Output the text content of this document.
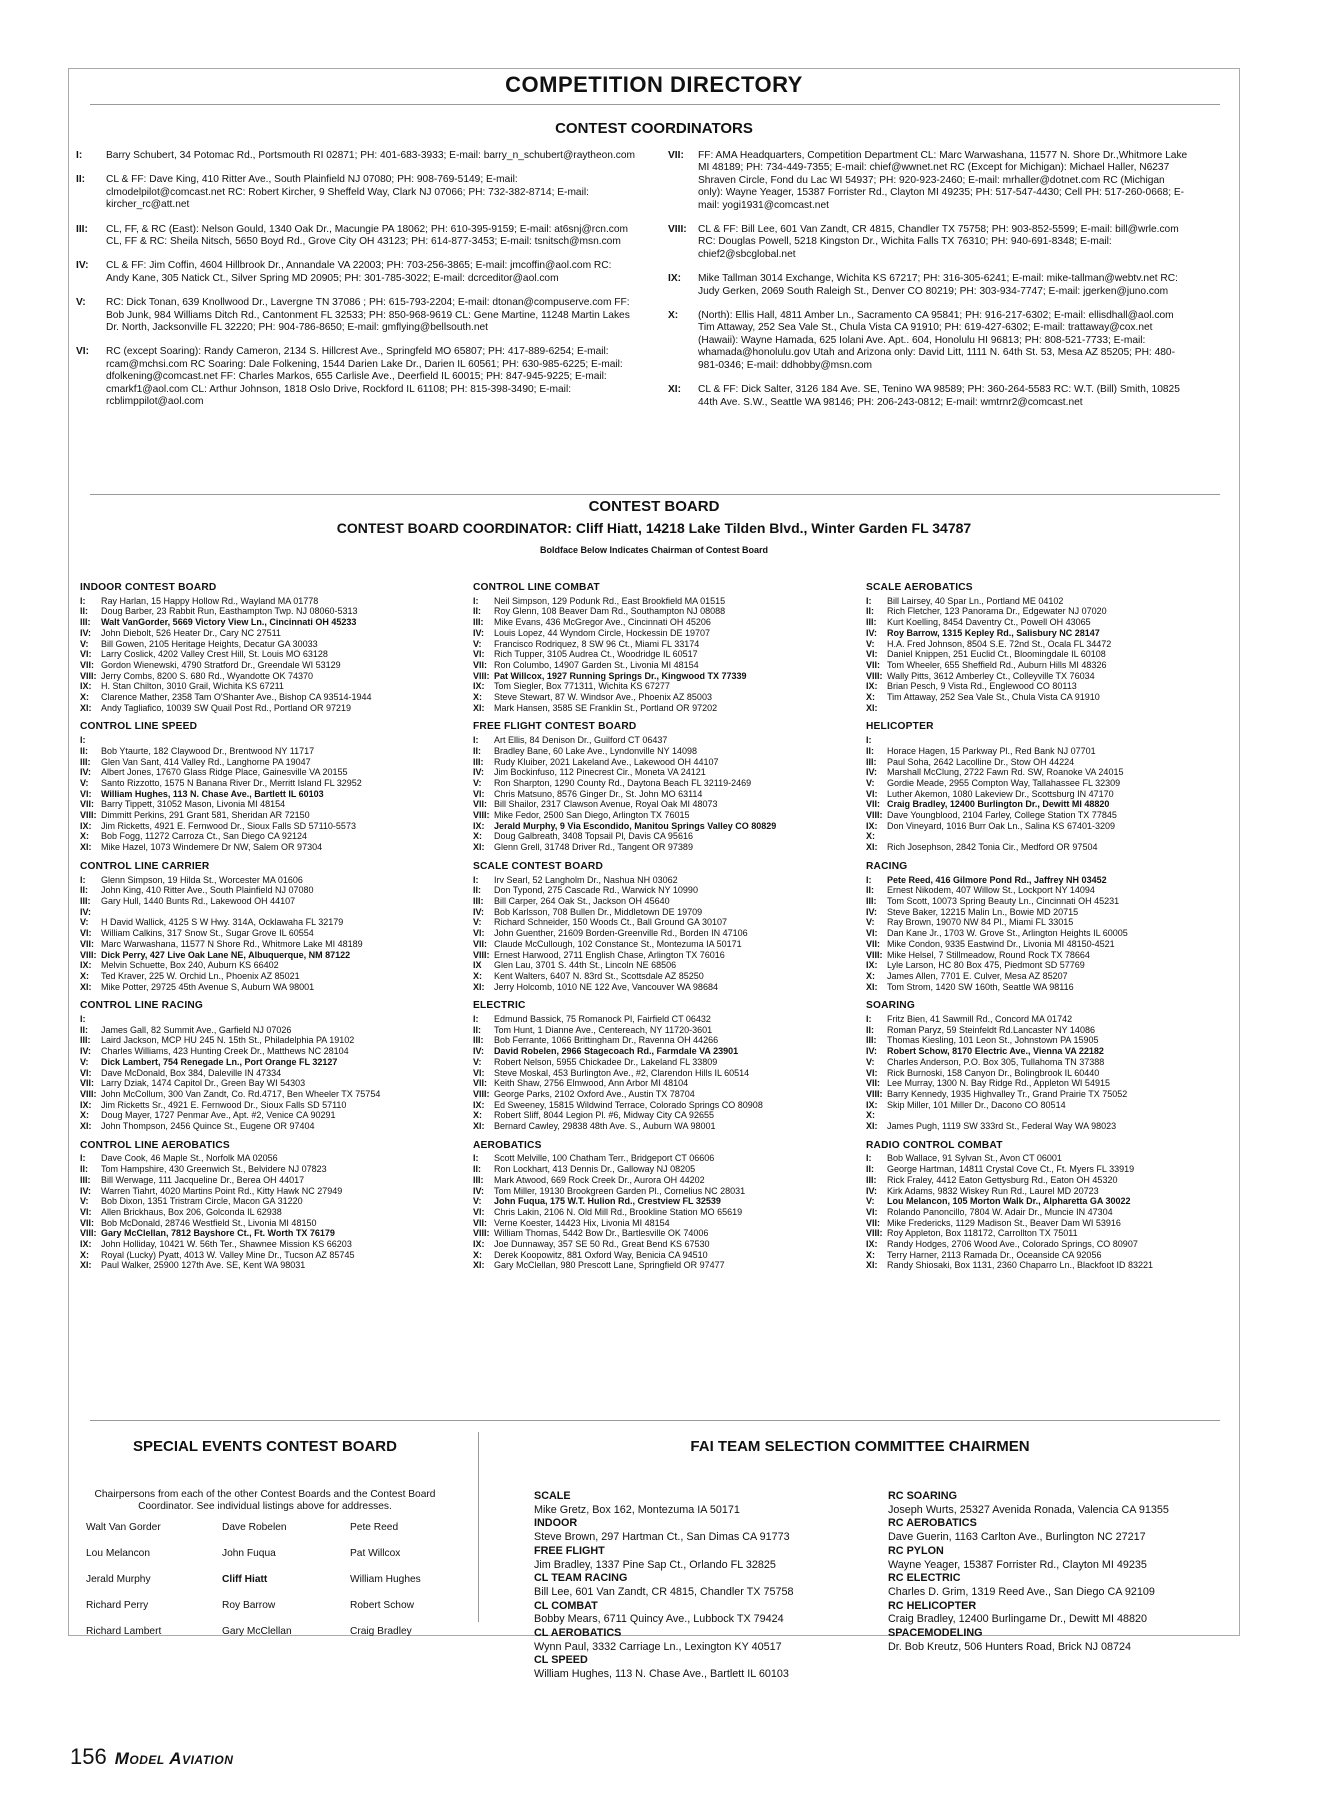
COMPETITION DIRECTORY
CONTEST COORDINATORS
I:	Barry Schubert, 34 Potomac Rd., Portsmouth RI 02871; PH: 401-683-3933; E-mail: barry_n_schubert@raytheon.com
II:	CL & FF: Dave King, 410 Ritter Ave., South Plainfield NJ 07080; PH: 908-769-5149; E-mail: clmodelpilot@comcast.net RC: Robert Kircher, 9 Sheffeld Way, Clark NJ 07066; PH: 732-382-8714; E-mail: kircher_rc@att.net
III:	CL, FF, & RC (East): Nelson Gould, 1340 Oak Dr., Macungie PA 18062; PH: 610-395-9159; E-mail: at6snj@rcn.com CL, FF & RC: Sheila Nitsch, 5650 Boyd Rd., Grove City OH 43123; PH: 614-877-3453; E-mail: tsnitsch@msn.com
IV:	CL & FF: Jim Coffin, 4604 Hillbrook Dr., Annandale VA 22003; PH: 703-256-3865; E-mail: jmcoffin@aol.com RC: Andy Kane, 305 Natick Ct., Silver Spring MD 20905; PH: 301-785-3022; E-mail: dcrceditor@aol.com
V:	RC: Dick Tonan, 639 Knollwood Dr., Lavergne TN 37086 ; PH: 615-793-2204; E-mail: dtonan@compuserve.com FF: Bob Junk, 984 Williams Ditch Rd., Cantonment FL 32533; PH: 850-968-9619 CL: Gene Martine, 11248 Martin Lakes Dr. North, Jacksonville FL 32220; PH: 904-786-8650; E-mail: gmflying@bellsouth.net
VI:	RC (except Soaring): Randy Cameron, 2134 S. Hillcrest Ave., Springfeld MO 65807; PH: 417-889-6254; E-mail: rcam@mchsi.com RC Soaring: Dale Folkening, 1544 Darien Lake Dr., Darien IL 60561; PH: 630-985-6225; E-mail: dfolkening@comcast.net FF: Charles Markos, 655 Carlisle Ave., Deerfield IL 60015; PH: 847-945-9225; E-mail: cmarkf1@aol.com CL: Arthur Johnson, 1818 Oslo Drive, Rockford IL 61108; PH: 815-398-3490; E-mail: rcblimppilot@aol.com
VII:	FF: AMA Headquarters, Competition Department CL: Marc Warwashana, 11577 N. Shore Dr.,Whitmore Lake MI 48189; PH: 734-449-7355; E-mail: chief@wwnet.net RC (Except for Michigan): Michael Haller, N6237 Shraven Circle, Fond du Lac WI 54937; PH: 920-923-2460; E-mail: mrhaller@dotnet.com RC (Michigan only): Wayne Yeager, 15387 Forrister Rd., Clayton MI 49235; PH: 517-547-4430; Cell PH: 517-260-0668; E-mail: yogi1931@comcast.net
VIII:	CL & FF: Bill Lee, 601 Van Zandt, CR 4815, Chandler TX 75758; PH: 903-852-5599; E-mail: bill@wrle.com RC: Douglas Powell, 5218 Kingston Dr., Wichita Falls TX 76310; PH: 940-691-8348; E-mail: chief2@sbcglobal.net
IX:	Mike Tallman 3014 Exchange, Wichita KS 67217; PH: 316-305-6241; E-mail: mike-tallman@webtv.net RC: Judy Gerken, 2069 South Raleigh St., Denver CO 80219; PH: 303-934-7747; E-mail: jgerken@juno.com
X:	(North): Ellis Hall, 4811 Amber Ln., Sacramento CA 95841; PH: 916-217-6302; E-mail: ellisdhall@aol.com Tim Attaway, 252 Sea Vale St., Chula Vista CA 91910; PH: 619-427-6302; E-mail: trattaway@cox.net (Hawaii): Wayne Hamada, 625 Iolani Ave. Apt.. 604, Honolulu HI 96813; PH: 808-521-7733; E-mail: whamada@honolulu.gov Utah and Arizona only: David Litt, 1111 N. 64th St. 53, Mesa AZ 85205; PH: 480-981-0346; E-mail: ddhobby@msn.com
XI:	CL & FF: Dick Salter, 3126 184 Ave. SE, Tenino WA 98589; PH: 360-264-5583 RC: W.T. (Bill) Smith, 10825 44th Ave. S.W., Seattle WA 98146; PH: 206-243-0812; E-mail: wmtrnr2@comcast.net
CONTEST BOARD
CONTEST BOARD COORDINATOR: Cliff Hiatt, 14218 Lake Tilden Blvd., Winter Garden FL 34787
Boldface Below Indicates Chairman of Contest Board
INDOOR CONTEST BOARD
I:	Ray Harlan, 15 Happy Hollow Rd., Wayland MA 01778
II:	Doug Barber, 23 Rabbit Run, Easthampton Twp. NJ 08060-5313
III:	Walt VanGorder, 5669 Victory View Ln., Cincinnati OH 45233
IV:	John Diebolt, 526 Heater Dr., Cary NC 27511
V:	Bill Gowen, 2105 Heritage Heights, Decatur GA 30033
VI:	Larry Coslick, 4202 Valley Crest Hill, St. Louis MO 63128
VII: Gordon Wienewski, 4790 Stratford Dr., Greendale WI 53129
VIII: Jerry Combs, 8200 S. 680 Rd., Wyandotte OK 74370
IX:	H. Stan Chilton, 3010 Grail, Wichita KS 67211
X:	Clarence Mather, 2358 Tam O'Shanter Ave., Bishop CA 93514-1944
XI:	Andy Tagliafico, 10039 SW Quail Post Rd., Portland OR 97219
CONTROL LINE SPEED
I:
II:	Bob Ytaurte, 182 Claywood Dr., Brentwood NY 11717
III:	Glen Van Sant, 414 Valley Rd., Langhorne PA 19047
IV:	Albert Jones, 17670 Glass Ridge Place, Gainesville VA 20155
V:	Santo Rizzotto, 1575 N Banana River Dr., Merritt Island FL 32952
VI:	William Hughes, 113 N. Chase Ave., Bartlett IL 60103
VII: Barry Tippett, 31052 Mason, Livonia MI 48154
VIII: Dimmitt Perkins, 291 Grant 581, Sheridan AR 72150
IX:	Jim Ricketts, 4921 E. Fernwood Dr., Sioux Falls SD 57110-5573
X:	Bob Fogg, 11272 Carroza Ct., San Diego CA 92124
XI:	Mike Hazel, 1073 Windemere Dr NW, Salem OR 97304
CONTROL LINE CARRIER
I:	Glenn Simpson, 19 Hilda St., Worcester MA 01606
II:	John King, 410 Ritter Ave., South Plainfield NJ 07080
III:	Gary Hull, 1440 Bunts Rd., Lakewood OH 44107
IV:
V:	H David Wallick, 4125 S W Hwy. 314A, Ocklawaha FL 32179
VI:	William Calkins, 317 Snow St., Sugar Grove IL 60554
VII: Marc Warwashana, 11577 N Shore Rd., Whitmore Lake MI 48189
VIII: Dick Perry, 427 Live Oak Lane NE, Albuquerque, NM 87122
IX:	Melvin Schuette, Box 240, Auburn KS 66402
X:	Ted Kraver, 225 W. Orchid Ln., Phoenix AZ 85021
XI:	Mike Potter, 29725 45th Avenue S, Auburn WA 98001
CONTROL LINE RACING
I:
II:	James Gall, 82 Summit Ave., Garfield NJ 07026
III:	Laird Jackson, MCP HU 245 N. 15th St., Philadelphia PA 19102
IV:	Charles Williams, 423 Hunting Creek Dr., Matthews NC 28104
V:	Dick Lambert, 754 Renegade Ln., Port Orange FL 32127
VI:	Dave McDonald, Box 384, Daleville IN 47334
VII: Larry Dziak, 1474 Capitol Dr., Green Bay WI 54303
VIII: John McCollum, 300 Van Zandt, Co. Rd.4717, Ben Wheeler TX 75754
IX:	Jim Ricketts Sr., 4921 E. Fernwood Dr., Sioux Falls SD 57110
X:	Doug Mayer, 1727 Penmar Ave., Apt. #2, Venice CA 90291
XI:	John Thompson, 2456 Quince St., Eugene OR 97404
CONTROL LINE AEROBATICS
I:	Dave Cook, 46 Maple St., Norfolk MA 02056
II:	Tom Hampshire, 430 Greenwich St., Belvidere NJ 07823
III:	Bill Werwage, 111 Jacqueline Dr., Berea OH 44017
IV:	Warren Tiahrt, 4020 Martins Point Rd., Kitty Hawk NC 27949
V:	Bob Dixon, 1351 Tristram Circle, Macon GA 31220
VI:	Allen Brickhaus, Box 206, Golconda IL 62938
VII: Bob McDonald, 28746 Westfield St., Livonia MI 48150
VIII: Gary McClellan, 7812 Bayshore Ct., Ft. Worth TX 76179
IX:	John Holliday, 10421 W. 56th Ter., Shawnee Mission KS 66203
X:	Royal (Lucky) Pyatt, 4013 W. Valley Mine Dr., Tucson AZ 85745
XI:	Paul Walker, 25900 127th Ave. SE, Kent WA 98031
CONTROL LINE COMBAT
I:	Neil Simpson, 129 Podunk Rd., East Brookfield MA 01515
II:	Roy Glenn, 108 Beaver Dam Rd., Southampton NJ 08088
III:	Mike Evans, 436 McGregor Ave., Cincinnati OH 45206
IV:	Louis Lopez, 44 Wyndom Circle, Hockessin DE 19707
V:	Francisco Rodriquez, 8 SW 96 Ct., Miami FL 33174
VI:	Rich Tupper, 3105 Audrea Ct., Woodridge IL 60517
VII: Ron Columbo, 14907 Garden St., Livonia MI 48154
VIII: Pat Willcox, 1927 Running Springs Dr., Kingwood TX 77339
IX:	Tom Siegler, Box 771311, Wichita KS 67277
X:	Steve Stewart, 87 W. Windsor Ave., Phoenix AZ 85003
XI:	Mark Hansen, 3585 SE Franklin St., Portland OR 97202
FREE FLIGHT CONTEST BOARD
I:	Art Ellis, 84 Denison Dr., Guilford CT 06437
II:	Bradley Bane, 60 Lake Ave., Lyndonville NY 14098
III:	Rudy Kluiber, 2021 Lakeland Ave., Lakewood OH 44107
IV:	Jim Bockinfuso, 112 Pinecrest Cir., Moneta VA 24121
V:	Ron Sharpton, 1290 County Rd., Daytona Beach FL 32119-2469
VI:	Chris Matsuno, 8576 Ginger Dr., St. John MO 63114
VII: Bill Shailor, 2317 Clawson Avenue, Royal Oak MI 48073
VIII: Mike Fedor, 2500 San Diego, Arlington TX 76015
IX:	Jerald Murphy, 9 Via Escondido, Manitou Springs Valley CO 80829
X:	Doug Galbreath, 3408 Topsail Pl, Davis CA 95616
XI:	Glenn Grell, 31748 Driver Rd., Tangent OR 97389
SCALE CONTEST BOARD
I:	Irv Searl, 52 Langholm Dr., Nashua NH 03062
II:	Don Typond, 275 Cascade Rd., Warwick NY 10990
III:	Bill Carper, 264 Oak St., Jackson OH 45640
IV:	Bob Karlsson, 708 Bullen Dr., Middletown DE 19709
V:	Richard Schneider, 150 Woods Ct., Ball Ground GA 30107
VI:	John Guenther, 21609 Borden-Greenville Rd., Borden IN 47106
VII: Claude McCullough, 102 Constance St., Montezuma IA 50171
VIII: Ernest Harwood, 2711 English Chase, Arlington TX 76016
IX	Glen Lau, 3701 S. 44th St., Lincoln NE 68506
X:	Kent Walters, 6407 N. 83rd St., Scottsdale AZ 85250
XI:	Jerry Holcomb, 1010 NE 122 Ave, Vancouver WA 98684
ELECTRIC
I:	Edmund Bassick, 75 Romanock Pl, Fairfield CT 06432
II:	Tom Hunt, 1 Dianne Ave., Centereach, NY 11720-3601
III:	Bob Ferrante, 1066 Brittingham Dr., Ravenna OH 44266
IV:	David Robelen, 2966 Stagecoach Rd., Farmdale VA 23901
V:	Robert Nelson, 5955 Chickadee Dr., Lakeland FL 33809
VI:	Steve Moskal, 453 Burlington Ave., #2, Clarendon Hills IL 60514
VII: Keith Shaw, 2756 Elmwood, Ann Arbor MI 48104
VIII: George Parks, 2102 Oxford Ave., Austin TX 78704
IX:	Ed Sweeney, 15815 Wildwind Terrace, Colorado Springs CO 80908
X:	Robert Sliff, 8044 Legion Pl. #6, Midway City CA 92655
XI:	Bernard Cawley, 29838 48th Ave. S., Auburn WA 98001
AEROBATICS
I:	Scott Melville, 100 Chatham Terr., Bridgeport CT 06606
II:	Ron Lockhart, 413 Dennis Dr., Galloway NJ 08205
III:	Mark Atwood, 669 Rock Creek Dr., Aurora OH 44202
IV:	Tom Miller, 19130 Brookgreen Garden Pl., Cornelius NC 28031
V:	John Fuqua, 175 W.T. Hulion Rd., Crestview FL 32539
VI:	Chris Lakin, 2106 N. Old Mill Rd., Brookline Station MO 65619
VII: Verne Koester, 14423 Hix, Livonia MI 48154
VIII: William Thomas, 5442 Bow Dr., Bartlesville OK 74006
IX:	Joe Dunnaway, 357 SE 50 Rd., Great Bend KS 67530
X:	Derek Koopowitz, 881 Oxford Way, Benicia CA 94510
XI:	Gary McClellan, 980 Prescott Lane, Springfield OR 97477
SCALE AEROBATICS
I:	Bill Lairsey, 40 Spar Ln., Portland ME 04102
II:	Rich Fletcher, 123 Panorama Dr., Edgewater NJ 07020
III:	Kurt Koelling, 8454 Daventry Ct., Powell OH 43065
IV:	Roy Barrow, 1315 Kepley Rd., Salisbury NC 28147
V:	H.A. Fred Johnson, 8504 S.E. 72nd St., Ocala FL 34472
VI:	Daniel Knippen, 251 Euclid Ct., Bloomingdale IL 60108
VII: Tom Wheeler, 655 Sheffield Rd., Auburn Hills MI 48326
VIII: Wally Pitts, 3612 Amberley Ct., Colleyville TX 76034
IX:	Brian Pesch, 9 Vista Rd., Englewood CO 80113
X:	Tim Attaway, 252 Sea Vale St., Chula Vista CA 91910
XI:
HELICOPTER
I:
II:	Horace Hagen, 15 Parkway Pl., Red Bank NJ 07701
III:	Paul Soha, 2642 Lacolline Dr., Stow OH 44224
IV:	Marshall McClung, 2722 Fawn Rd. SW, Roanoke VA 24015
V:	Gordie Meade, 2955 Compton Way, Tallahassee FL 32309
VI:	Luther Akemon, 1080 Lakeview Dr., Scottsburg IN 47170
VII: Craig Bradley, 12400 Burlington Dr., Dewitt MI 48820
VIII: Dave Youngblood, 2104 Farley, College Station TX 77845
IX:	Don Vineyard, 1016 Burr Oak Ln., Salina KS 67401-3209
X:
XI:	Rich Josephson, 2842 Tonia Cir., Medford OR 97504
RACING
I:	Pete Reed, 416 Gilmore Pond Rd., Jaffrey NH 03452
II:	Ernest Nikodem, 407 Willow St., Lockport NY 14094
III:	Tom Scott, 10073 Spring Beauty Ln., Cincinnati OH 45231
IV:	Steve Baker, 12215 Malin Ln., Bowie MD 20715
V:	Ray Brown, 19070 NW 84 Pl., Miami FL 33015
VI:	Dan Kane Jr., 1703 W. Grove St., Arlington Heights IL 60005
VII: Mike Condon, 9335 Eastwind Dr., Livonia MI 48150-4521
VIII: Mike Helsel, 7 Stillmeadow, Round Rock TX 78664
IX:	Lyle Larson, HC 80 Box 475, Piedmont SD 57769
X:	James Allen, 7701 E. Culver, Mesa AZ 85207
XI:	Tom Strom, 1420 SW 160th, Seattle WA 98116
SOARING
I:	Fritz Bien, 41 Sawmill Rd., Concord MA 01742
II:	Roman Paryz, 59 Steinfeldt Rd.Lancaster NY 14086
III:	Thomas Kiesling, 101 Leon St., Johnstown PA 15905
IV:	Robert Schow, 8170 Electric Ave., Vienna VA 22182
V:	Charles Anderson, P.O. Box 305, Tullahoma TN 37388
VI:	Rick Burnoski, 158 Canyon Dr., Bolingbrook IL 60440
VII: Lee Murray, 1300 N. Bay Ridge Rd., Appleton WI 54915
VIII: Barry Kennedy, 1935 Highvalley Tr., Grand Prairie TX 75052
IX:	Skip Miller, 101 Miller Dr., Dacono CO 80514
X:
XI:	James Pugh, 1119 SW 333rd St., Federal Way WA 98023
RADIO CONTROL COMBAT
I:	Bob Wallace, 91 Sylvan St., Avon CT 06001
II:	George Hartman, 14811 Crystal Cove Ct., Ft. Myers FL 33919
III:	Rick Fraley, 4412 Eaton Gettysburg Rd., Eaton OH 45320
IV:	Kirk Adams, 9832 Wiskey Run Rd., Laurel MD 20723
V:	Lou Melancon, 105 Morton Walk Dr., Alpharetta GA 30022
VI:	Rolando Panoncillo, 7804 W. Adair Dr., Muncie IN 47304
VII: Mike Fredericks, 1129 Madison St., Beaver Dam WI 53916
VIII: Roy Appleton, Box 118172, Carrollton TX 75011
IX:	Randy Hodges, 2706 Wood Ave., Colorado Springs, CO 80907
X:	Terry Harner, 2113 Ramada Dr., Oceanside CA 92056
XI:	Randy Shiosaki, Box 1131, 2360 Chaparro Ln., Blackfoot ID 83221
SPECIAL EVENTS CONTEST BOARD
Chairpersons from each of the other Contest Boards and the Contest Board Coordinator. See individual listings above for addresses.
Walt Van Gorder	Dave Robelen	Pete Reed
Lou Melancon	John Fuqua	Pat Willcox
Jerald Murphy	Cliff Hiatt	William Hughes
Richard Perry	Roy Barrow	Robert Schow
Richard Lambert	Gary McClellan	Craig Bradley
FAI TEAM SELECTION COMMITTEE CHAIRMEN
SCALE
Mike Gretz, Box 162, Montezuma IA 50171
INDOOR
Steve Brown, 297 Hartman Ct., San Dimas CA 91773
FREE FLIGHT
Jim Bradley, 1337 Pine Sap Ct., Orlando FL 32825
CL TEAM RACING
Bill Lee, 601 Van Zandt, CR 4815, Chandler TX 75758
CL COMBAT
Bobby Mears, 6711 Quincy Ave., Lubbock TX 79424
CL AEROBATICS
Wynn Paul, 3332 Carriage Ln., Lexington KY 40517
CL SPEED
William Hughes, 113 N. Chase Ave., Bartlett IL 60103
RC SOARING
Joseph Wurts, 25327 Avenida Ronada, Valencia CA 91355
RC AEROBATICS
Dave Guerin, 1163 Carlton Ave., Burlington NC 27217
RC PYLON
Wayne Yeager, 15387 Forrister Rd., Clayton MI 49235
RC ELECTRIC
Charles D. Grim, 1319 Reed Ave., San Diego CA 92109
RC HELICOPTER
Craig Bradley, 12400 Burlingame Dr., Dewitt MI 48820
SPACEMODELING
Dr. Bob Kreutz, 506 Hunters Road, Brick NJ 08724
156 Model Aviation
